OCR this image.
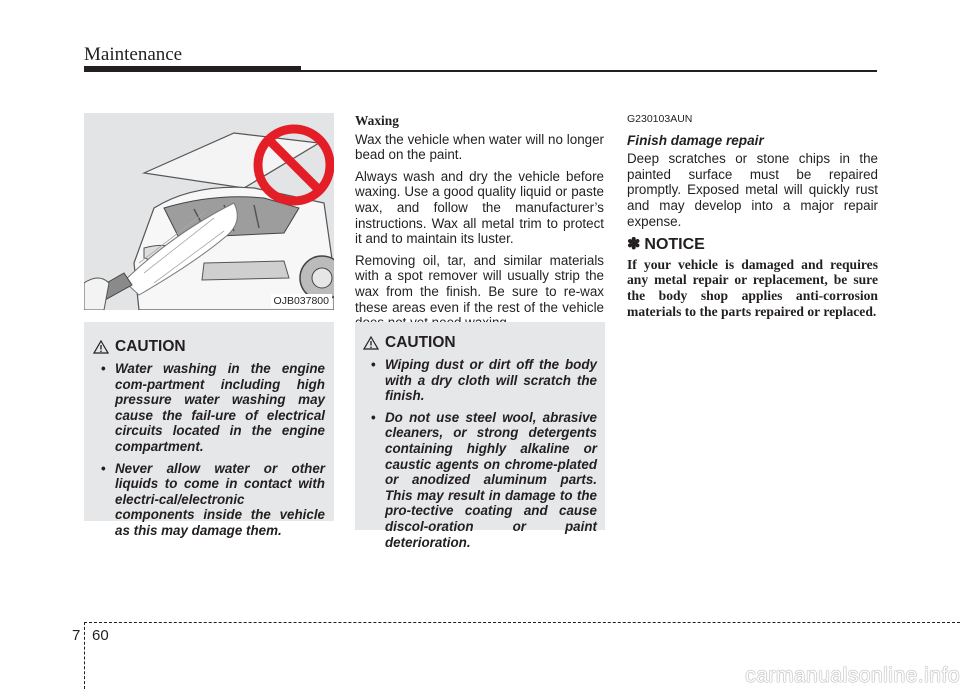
Maintenance
OJB037800
CAUTION
• Water washing in the engine com-partment including high pressure water washing may cause the fail-ure of electrical circuits located in the engine compartment.
• Never allow water or other liquids to come in contact with electri-cal/electronic components inside the vehicle as this may damage them.
Waxing

Wax the vehicle when water will no longer bead on the paint.

Always wash and dry the vehicle before waxing. Use a good quality liquid or paste wax, and follow the manufacturer’s instructions. Wax all metal trim to protect it and to maintain its luster.

Removing oil, tar, and similar materials with a spot remover will usually strip the wax from the finish. Be sure to re-wax these areas even if the rest of the vehicle

CAUTION
• Wiping dust or dirt off the body with a dry cloth will scratch the finish.
• Do not use steel wool, abrasive cleaners, or strong detergents containing highly alkaline or caustic agents on chrome-plated or anodized aluminum parts. This may result in damage to the pro-tective coating and cause discol-oration or paint deterioration.
G230103AUN
Finish damage repair

Deep scratches or stone chips in the painted surface must be repaired promptly. Exposed metal will quickly rust and may develop into a major repair expense.

✽ NOTICE

If your vehicle is damaged and requires any metal repair or replacement, be sure the body shop applies anti-corrosion materials to the parts repaired or replaced.

7 60
carmanualsonline.info
